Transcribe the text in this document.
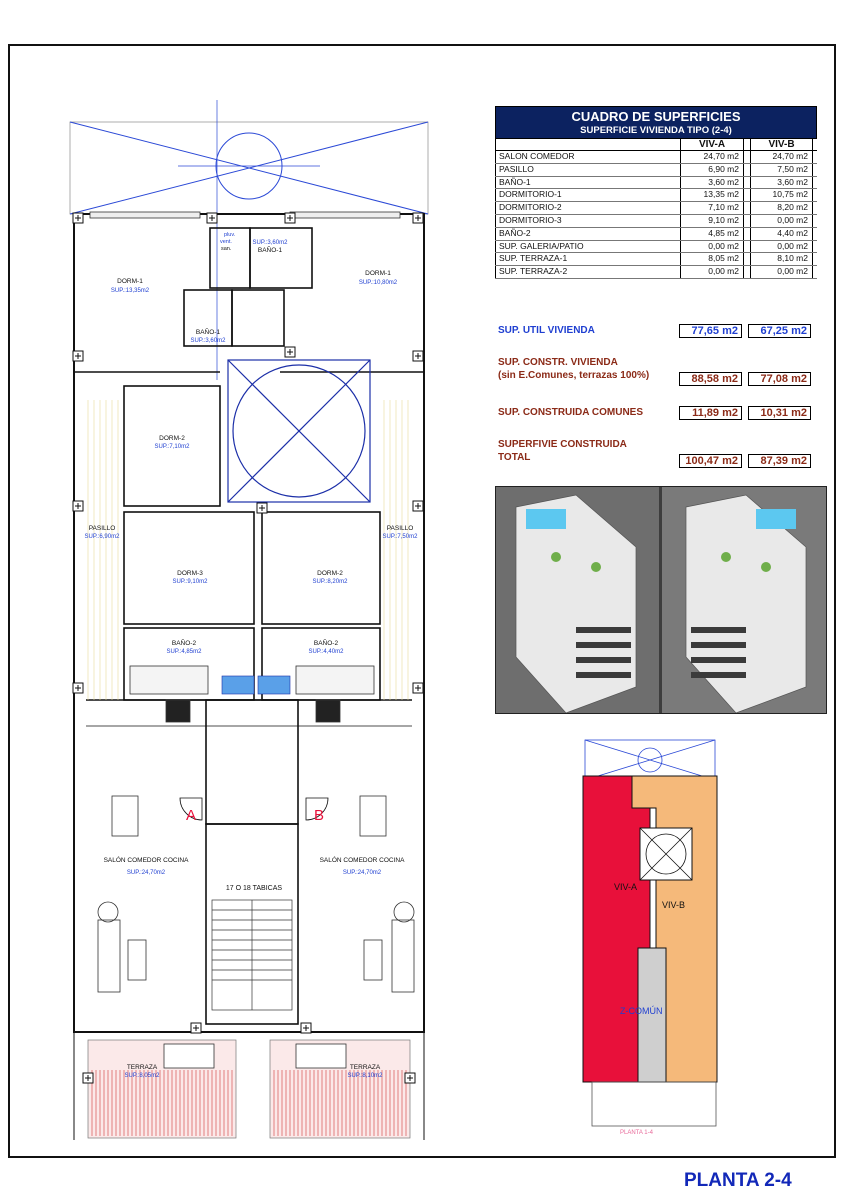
DORM-1
SUP.:13,35m2
BAÑO-1
SUP.:3,60m2
DORM-2
SUP.:7,10m2
PASILLO
SUP.:6,90m2
DORM-3
SUP.:9,10m2
BAÑO-2
SUP.:4,85m2
SALÓN COMEDOR COCINA
SUP.:24,70m2
TERRAZA
SUP.:8,05m2
DORM-1
SUP.:10,80m2
SUP.:3,60m2
BAÑO-1
PASILLO
SUP.:7,50m2
DORM-2
SUP.:8,20m2
BAÑO-2
SUP.:4,40m2
SALÓN COMEDOR COCINA
SUP.:24,70m2
TERRAZA
SUP.:8,10m2
pluv.
vent.
san.
17 O 18 TABICAS
A	B
VIV-A
VIV-B
Z-COMÚN
PLANTA 1-4
CUADRO DE SUPERFICIES
SUPERFICIE VIVIENDA TIPO (2-4)
VIV-A	VIV-B
SALON COMEDOR	24,70 m2	24,70 m2
PASILLO	6,90 m2	7,50 m2
BAÑO-1	3,60 m2	3,60 m2
DORMITORIO-1	13,35 m2	10,75 m2
DORMITORIO-2	7,10 m2	8,20 m2
DORMITORIO-3	9,10 m2	0,00 m2
BAÑO-2	4,85 m2	4,40 m2
SUP. GALERIA/PATIO	0,00 m2	0,00 m2
SUP. TERRAZA-1	8,05 m2	8,10 m2
SUP. TERRAZA-2	0,00 m2	0,00 m2
SUP. UTIL VIVIENDA	77,65 m2	67,25 m2
SUP. CONSTR. VIVIENDA
(sin E.Comunes, terrazas 100%)	88,58 m2	77,08 m2
SUP. CONSTRUIDA COMUNES	11,89 m2	10,31 m2
SUPERFIVIE CONSTRUIDA
TOTAL	100,47 m2	87,39 m2
PLANTA 2-4
